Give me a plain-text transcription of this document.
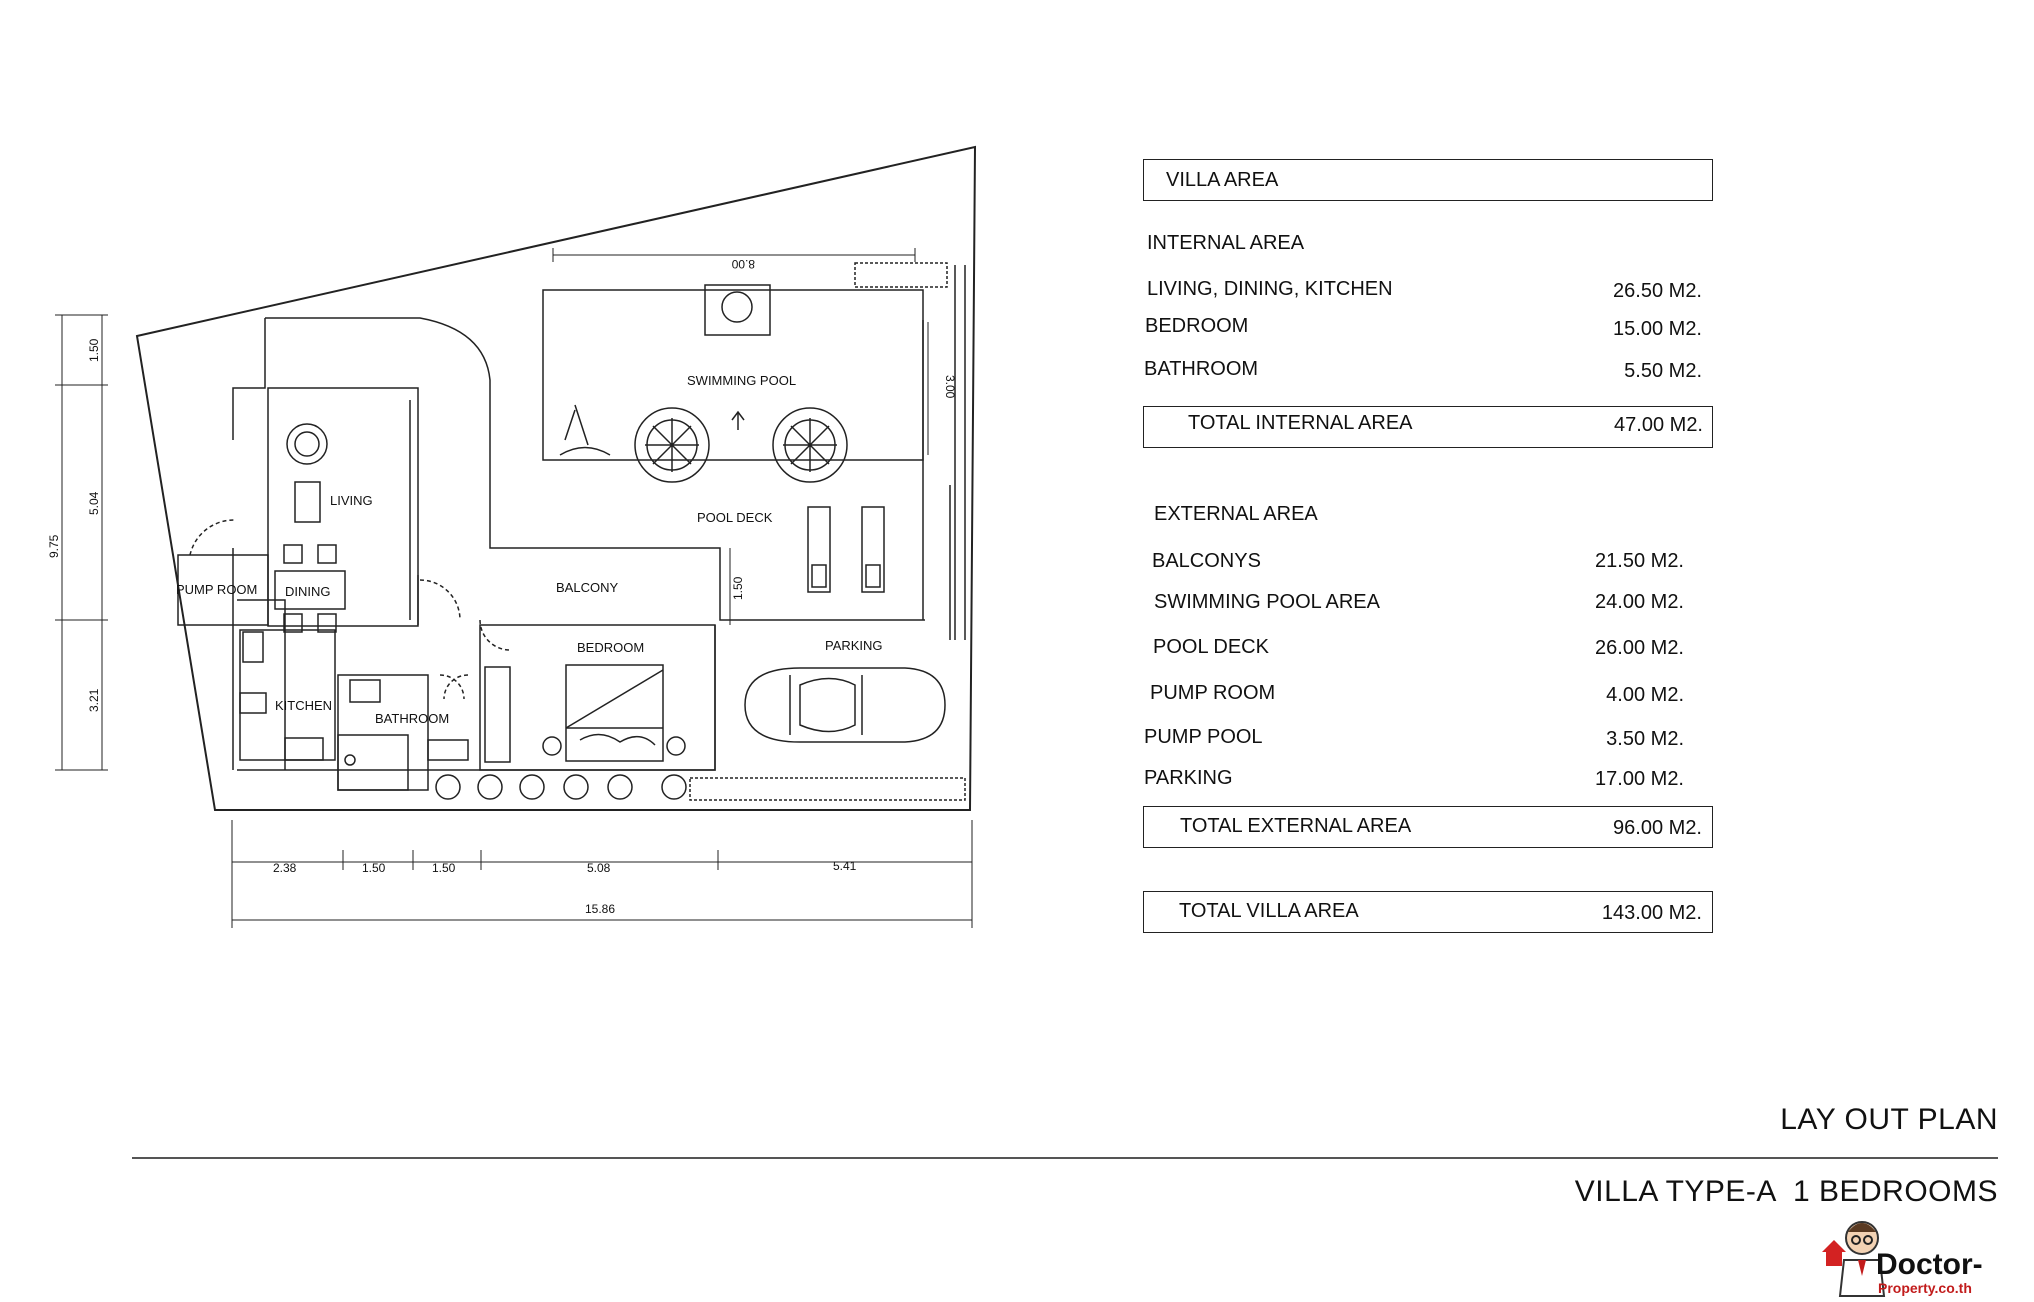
LIVING
DINING
KITCHEN
BATHROOM
PUMP ROOM	BALCONY
BEDROOM
SWIMMING POOL
POOL DECK
PARKING
8.00
3.00
1.50
1.50
5.04
3.21
9.75
2.38	1.50	1.50	5.08	5.41
15.86
VILLA AREA
INTERNAL AREA
LIVING, DINING, KITCHEN	26.50 M2.
BEDROOM	15.00 M2.
BATHROOM	5.50 M2.
TOTAL INTERNAL AREA	47.00 M2.
EXTERNAL AREA
BALCONYS	21.50 M2.
SWIMMING POOL AREA	24.00 M2.
POOL DECK	26.00 M2.
PUMP ROOM	4.00 M2.
PUMP POOL	3.50 M2.
PARKING	17.00 M2.
TOTAL EXTERNAL AREA	96.00 M2.
TOTAL VILLA AREA	143.00 M2.
LAY OUT PLAN
VILLA TYPE-A  1 BEDROOMS
Doctor-
Property.co.th
